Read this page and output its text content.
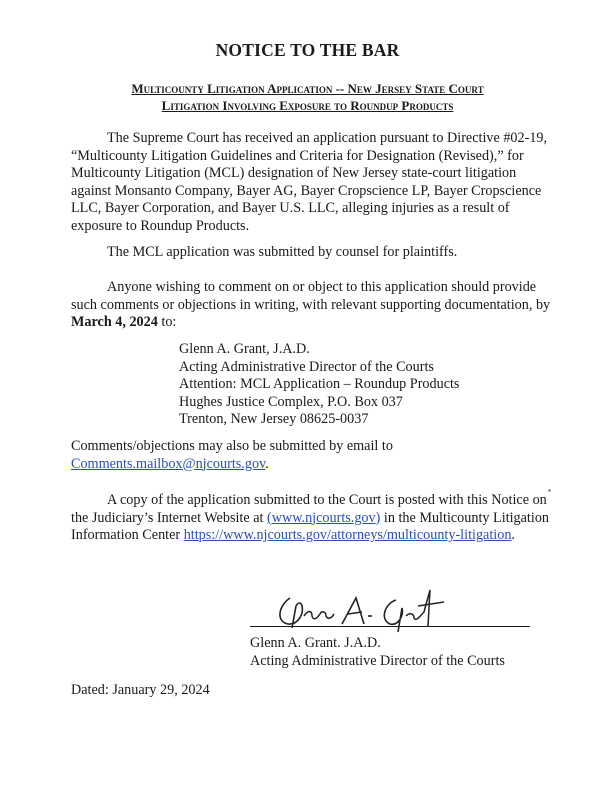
NOTICE TO THE BAR
Multicounty Litigation Application -- New Jersey State Court
Litigation Involving Exposure to Roundup Products
The Supreme Court has received an application pursuant to Directive #02-19, “Multicounty Litigation Guidelines and Criteria for Designation (Revised),” for Multicounty Litigation (MCL) designation of New Jersey state-court litigation against Monsanto Company, Bayer AG, Bayer Cropscience LP, Bayer Cropscience LLC, Bayer Corporation, and Bayer U.S. LLC, alleging injuries as a result of exposure to Roundup Products.
The MCL application was submitted by counsel for plaintiffs.
Anyone wishing to comment on or object to this application should provide such comments or objections in writing, with relevant supporting documentation, by March 4, 2024 to:
Glenn A. Grant, J.A.D.
Acting Administrative Director of the Courts
Attention: MCL Application – Roundup Products
Hughes Justice Complex, P.O. Box 037
Trenton, New Jersey 08625-0037
Comments/objections may also be submitted by email to
Comments.mailbox@njcourts.gov.
A copy of the application submitted to the Court is posted with this Notice on the Judiciary’s Internet Website at (www.njcourts.gov) in the Multicounty Litigation Information Center https://www.njcourts.gov/attorneys/multicounty-litigation.
Glenn A. Grant. J.A.D.
Acting Administrative Director of the Courts
Dated: January 29, 2024
